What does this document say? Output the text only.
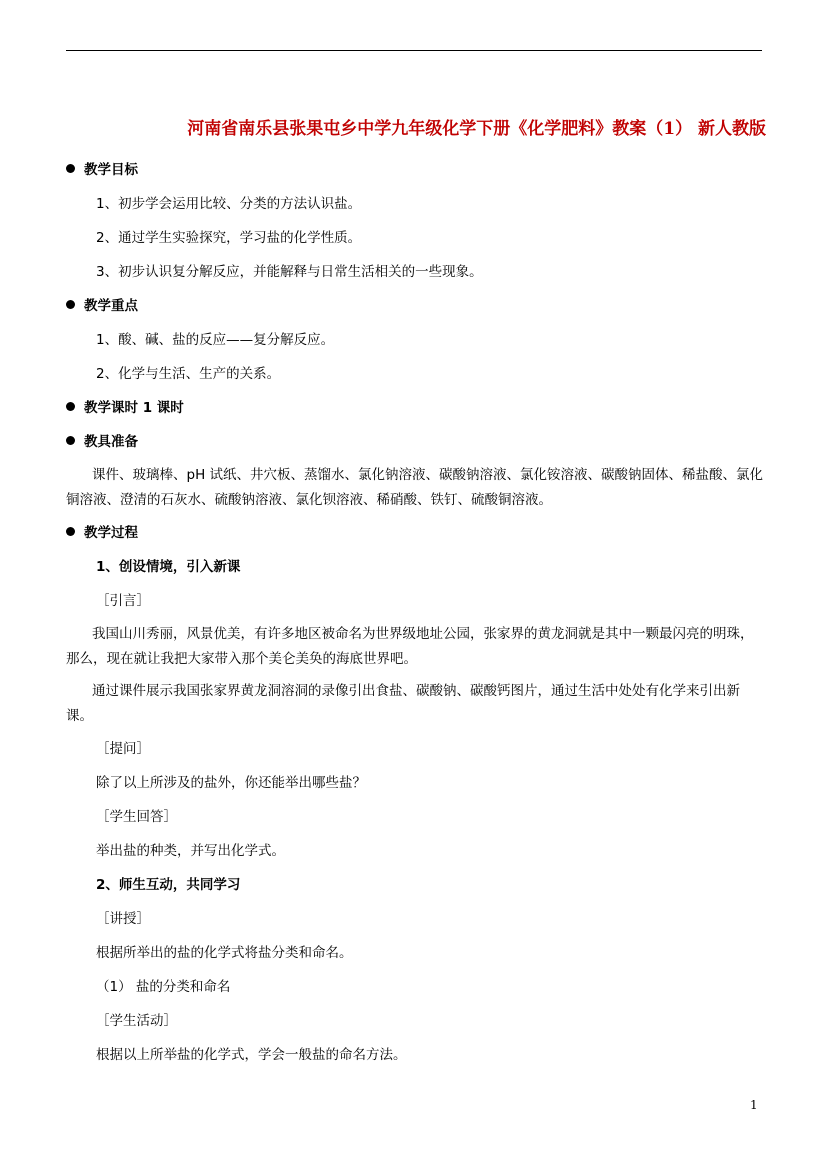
河南省南乐县张果屯乡中学九年级化学下册《化学肥料》教案（1） 新人教版
教学目标
1、初步学会运用比较、分类的方法认识盐。
2、通过学生实验探究，学习盐的化学性质。
3、初步认识复分解反应，并能解释与日常生活相关的一些现象。
教学重点
1、酸、碱、盐的反应——复分解反应。
2、化学与生活、生产的关系。
教学课时 1 课时
教具准备
课件、玻璃棒、pH 试纸、井穴板、蒸馏水、氯化钠溶液、碳酸钠溶液、氯化铵溶液、碳酸钠固体、稀盐酸、氯化铜溶液、澄清的石灰水、硫酸钠溶液、氯化钡溶液、稀硝酸、铁钉、硫酸铜溶液。
教学过程
1、创设情境，引入新课
［引言］
我国山川秀丽，风景优美，有许多地区被命名为世界级地址公园，张家界的黄龙洞就是其中一颗最闪亮的明珠，那么，现在就让我把大家带入那个美仑美奂的海底世界吧。
通过课件展示我国张家界黄龙洞溶洞的录像引出食盐、碳酸钠、碳酸钙图片，通过生活中处处有化学来引出新课。
［提问］
除了以上所涉及的盐外，你还能举出哪些盐？
［学生回答］
举出盐的种类，并写出化学式。
2、师生互动，共同学习
［讲授］
根据所举出的盐的化学式将盐分类和命名。
（1） 盐的分类和命名
［学生活动］
根据以上所举盐的化学式，学会一般盐的命名方法。
1
